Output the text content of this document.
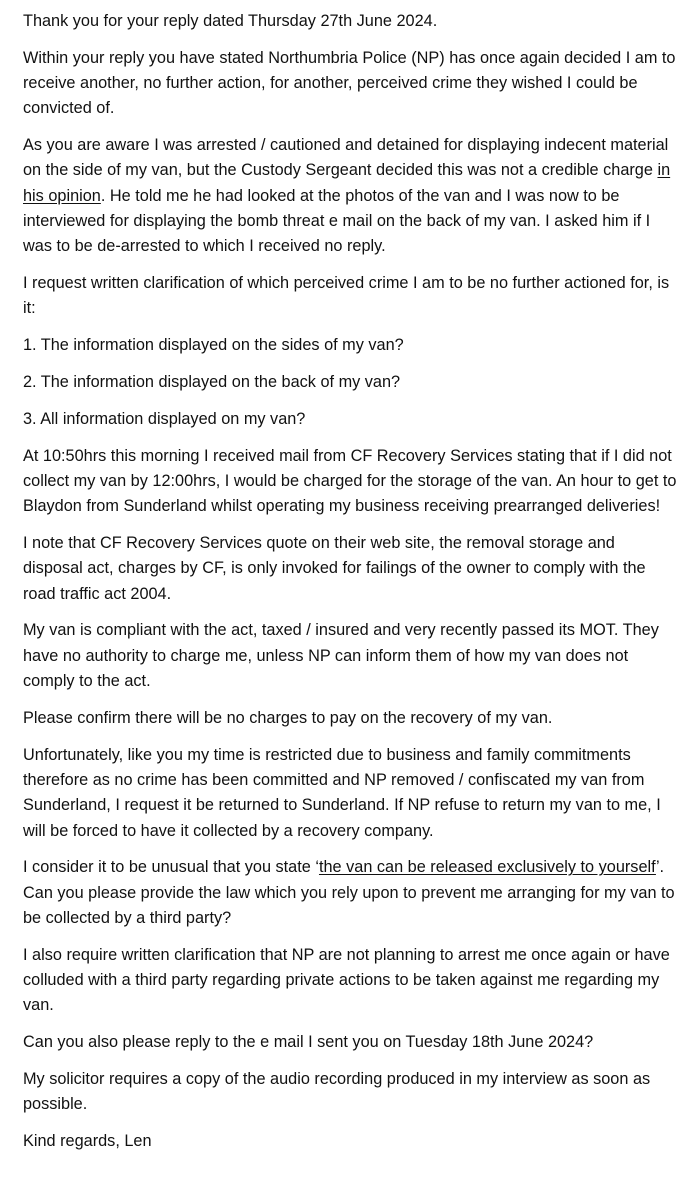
Thank you for your reply dated Thursday 27th June 2024.

Within your reply you have stated Northumbria Police (NP) has once again decided I am to receive another, no further action, for another, perceived crime they wished I could be convicted of.

As you are aware I was arrested / cautioned and detained for displaying indecent material on the side of my van, but the Custody Sergeant decided this was not a credible charge in his opinion. He told me he had looked at the photos of the van and I was now to be interviewed for displaying the bomb threat e mail on the back of my van. I asked him if I was to be de-arrested to which I received no reply.

I request written clarification of which perceived crime I am to be no further actioned for, is it:

1. The information displayed on the sides of my van?

2. The information displayed on the back of my van?

3. All information displayed on my van?

At 10:50hrs this morning I received mail from CF Recovery Services stating that if I did not collect my van by 12:00hrs, I would be charged for the storage of the van. An hour to get to Blaydon from Sunderland whilst operating my business receiving prearranged deliveries!

I note that CF Recovery Services quote on their web site, the removal storage and disposal act, charges by CF, is only invoked for failings of the owner to comply with the road traffic act 2004.

My van is compliant with the act, taxed / insured and very recently passed its MOT. They have no authority to charge me, unless NP can inform them of how my van does not comply to the act.

Please confirm there will be no charges to pay on the recovery of my van.

Unfortunately, like you my time is restricted due to business and family commitments therefore as no crime has been committed and NP removed / confiscated my van from Sunderland, I request it be returned to Sunderland. If NP refuse to return my van to me, I will be forced to have it collected by a recovery company.

I consider it to be unusual that you state ‘the van can be released exclusively to yourself’. Can you please provide the law which you rely upon to prevent me arranging for my van to be collected by a third party?

I also require written clarification that NP are not planning to arrest me once again or have colluded with a third party regarding private actions to be taken against me regarding my van.

Can you also please reply to the e mail I sent you on Tuesday 18th June 2024?

My solicitor requires a copy of the audio recording produced in my interview as soon as possible.

Kind regards, Len
